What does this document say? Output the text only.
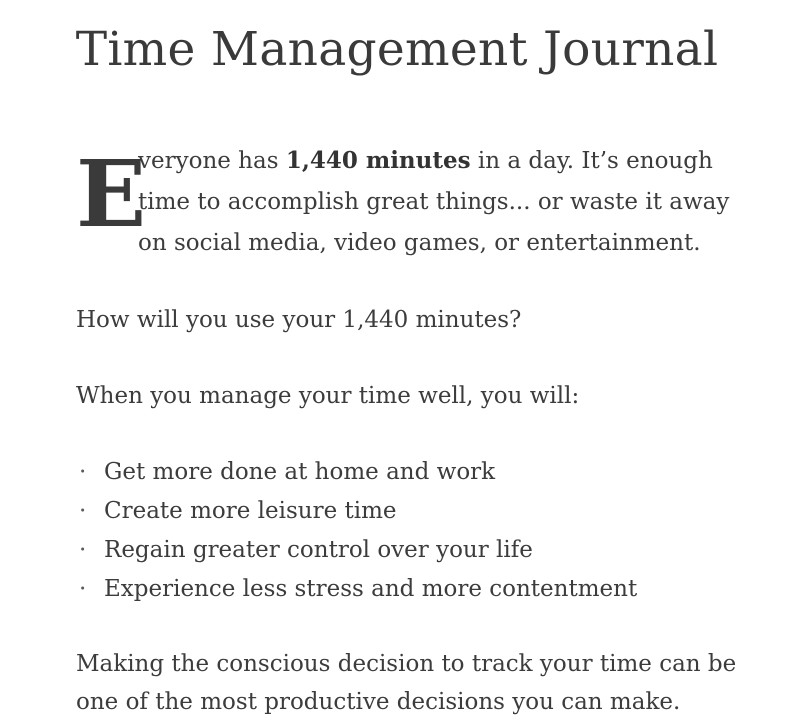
Time Management Journal
E
veryone has 1,440 minutes in a day. It’s enough
time to accomplish great things... or waste it away
on social media, video games, or entertainment.

How will you use your 1,440 minutes?

When you manage your time well, you will:

· Get more done at home and work
· Create more leisure time
· Regain greater control over your life
· Experience less stress and more contentment
Making the conscious decision to track your time can be
one of the most productive decisions you can make.
